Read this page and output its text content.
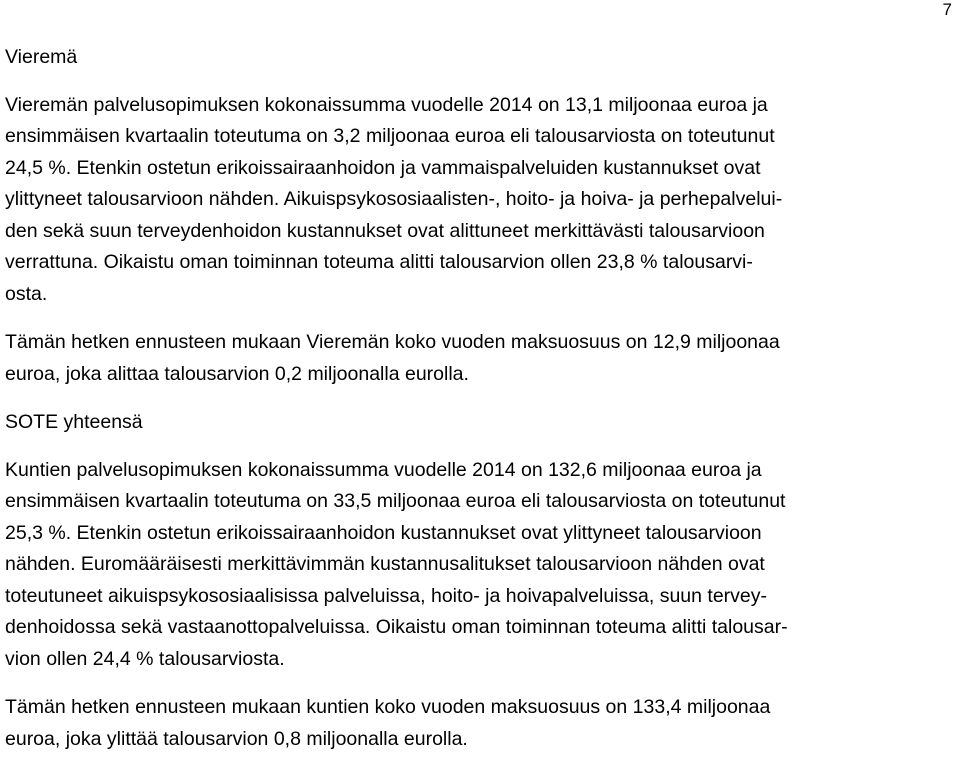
7
Vieremä
Vieremän palvelusopimuksen kokonaissumma vuodelle 2014 on 13,1 miljoonaa euroa ja
ensimmäisen kvartaalin toteutuma on 3,2 miljoonaa euroa eli talousarviosta on toteutunut
24,5 %. Etenkin ostetun erikoissairaanhoidon ja vammaispalveluiden kustannukset ovat
ylittyneet talousarvioon nähden. Aikuispsykososiaalisten-, hoito- ja hoiva- ja perhepalvelui-
den sekä suun terveydenhoidon kustannukset ovat alittuneet merkittävästi talousarvioon
verrattuna. Oikaistu oman toiminnan toteuma alitti talousarvion ollen 23,8 % talousarvi-
osta.
Tämän hetken ennusteen mukaan Vieremän koko vuoden maksuosuus on 12,9 miljoonaa
euroa, joka alittaa talousarvion 0,2 miljoonalla eurolla.
SOTE yhteensä
Kuntien palvelusopimuksen kokonaissumma vuodelle 2014 on 132,6 miljoonaa euroa ja
ensimmäisen kvartaalin toteutuma on 33,5 miljoonaa euroa eli talousarviosta on toteutunut
25,3 %. Etenkin ostetun erikoissairaanhoidon kustannukset ovat ylittyneet talousarvioon
nähden. Euromääräisesti merkittävimmän kustannusalitukset talousarvioon nähden ovat
toteutuneet aikuispsykososiaalisissa palveluissa, hoito- ja hoivapalveluissa, suun tervey-
denhoidossa sekä vastaanottopalveluissa. Oikaistu oman toiminnan toteuma alitti talousar-
vion ollen 24,4 % talousarviosta.
Tämän hetken ennusteen mukaan kuntien koko vuoden maksuosuus on 133,4 miljoonaa
euroa, joka ylittää talousarvion 0,8 miljoonalla eurolla.
